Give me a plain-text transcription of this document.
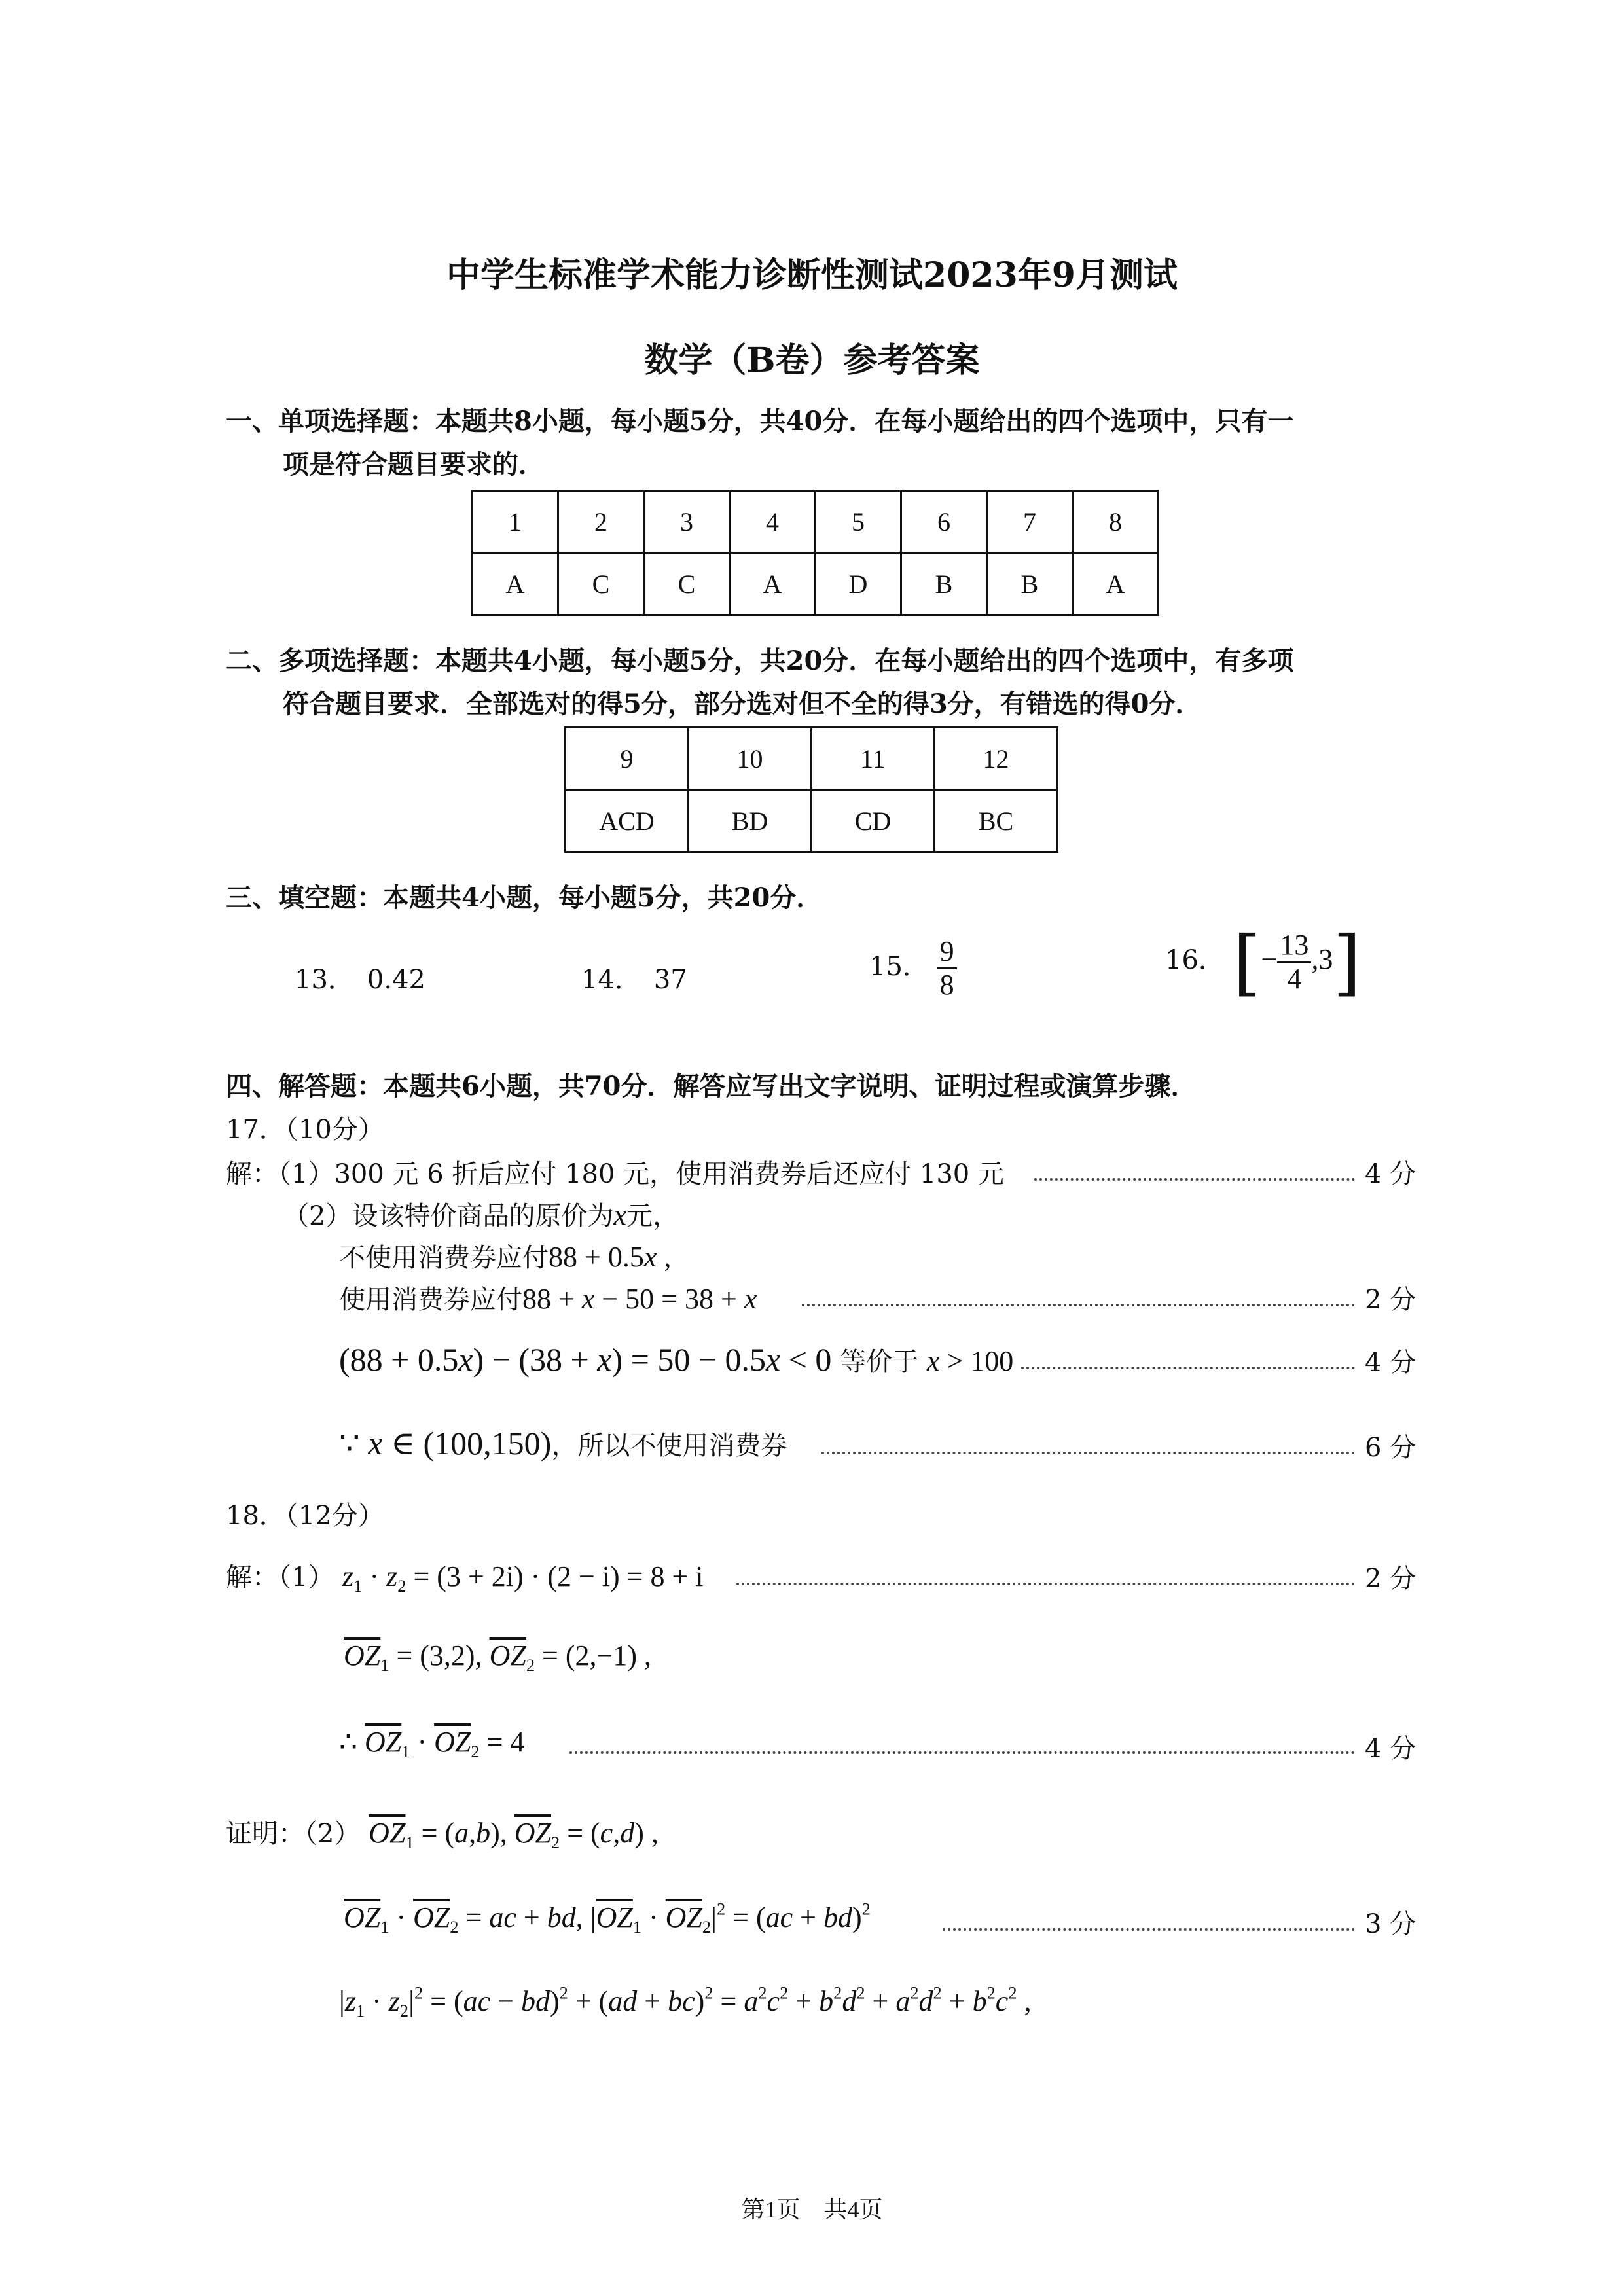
中学生标准学术能力诊断性测试2023年9月测试
数学（B卷）参考答案
一、单项选择题：本题共8小题，每小题5分，共40分．在每小题给出的四个选项中，只有一
项是符合题目要求的．
1	2	3	4	5	6	7	8
A	C	C	A	D	B	B	A
二、多项选择题：本题共4小题，每小题5分，共20分．在每小题给出的四个选项中，有多项
符合题目要求．全部选对的得5分，部分选对但不全的得3分，有错选的得0分．
9	10	11	12
ACD	BD	CD	BC
三、填空题：本题共4小题，每小题5分，共20分．
13． 0.42	14． 37	15． $\frac{9}{8}$	16． [− $\frac{13}{4} ,3$]
四、解答题：本题共6小题，共70分．解答应写出文字说明、证明过程或演算步骤．
17．（10分）
解：（1）300 元 6 折后应付 180 元，使用消费券后还应付 130 元	4 分
（2）设该特价商品的原价为x元，
不使用消费券应付88 + 0.5x ,
使用消费券应付88 + x − 50 = 38 + x	2 分
(88 + 0.5x) − (38 + x) = 50 − 0.5x < 0 等价于 x > 100	4 分
∵ x ∈ (100,150)，所以不使用消费券	6 分
18．（12分）
解：（1） $z_1 \cdot z_2 = (3 + 2i) \cdot (2 - i) = 8 + i$	2 分
$\overline{OZ}_1 = (3,2)$, $\overline{OZ}_2 = (2,-1)$ ,
∴ $\overline{OZ}_1 \cdot \overline{OZ}_2 = 4$	4 分
证明：（2） $\overline{OZ}_1 = (a,b)$, $\overline{OZ}_2 = (c,d)$ ,
$\overline{OZ}_1 \cdot \overline{OZ}_2$ = ac + bd, $|\overline{OZ}_1 \cdot \overline{OZ}_2|^2 = (ac + bd)^2$	3 分
$|z_1 \cdot z_2|^2 = (ac - bd)^2 + (ad + bc)^2 = a^2c^2 + b^2d^2 + a^2d^2 + b^2c^2$ ,
第1页　共4页
